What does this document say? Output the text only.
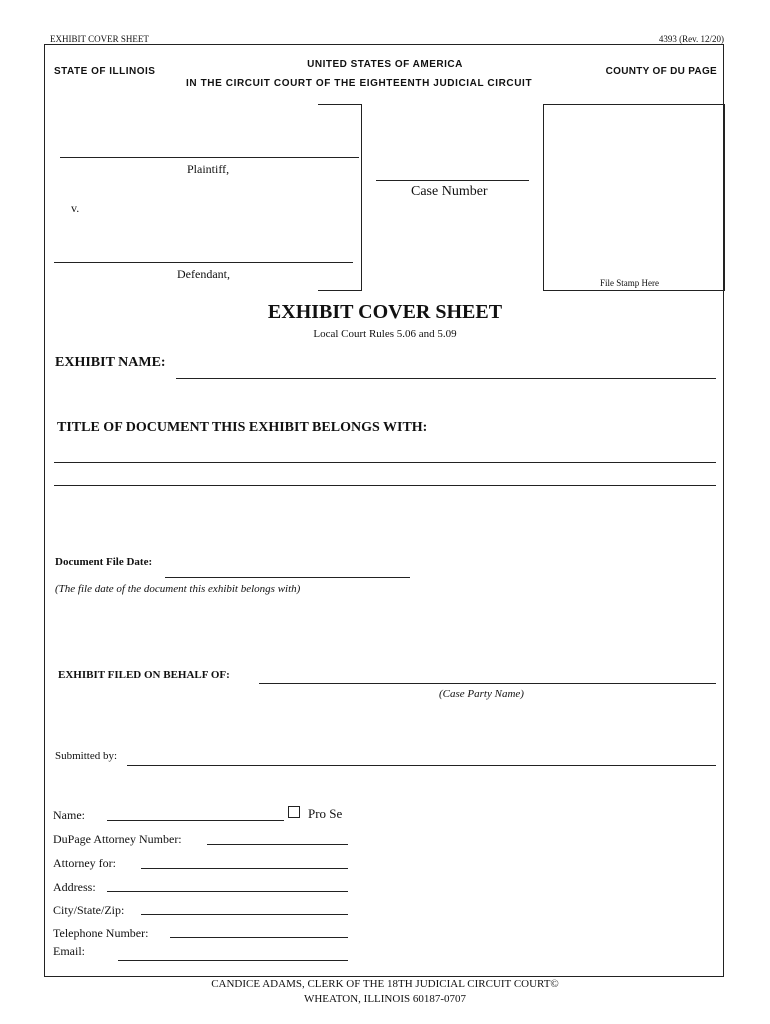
EXHIBIT COVER SHEET	4393 (Rev. 12/20)
STATE OF ILLINOIS
UNITED STATES OF AMERICA
IN THE CIRCUIT COURT OF THE EIGHTEENTH JUDICIAL CIRCUIT
COUNTY OF DU PAGE
Plaintiff,
v.
Defendant,
Case Number
File Stamp Here
EXHIBIT COVER SHEET
Local Court Rules 5.06 and 5.09
EXHIBIT NAME:
TITLE OF DOCUMENT THIS EXHIBIT BELONGS WITH:
Document File Date:
(The file date of the document this exhibit belongs with)
EXHIBIT FILED ON BEHALF OF:
(Case Party Name)
Submitted by:
Name:	Pro Se
DuPage Attorney Number:
Attorney for:
Address:
City/State/Zip:
Telephone Number:
Email:
CANDICE ADAMS, CLERK OF THE 18TH JUDICIAL CIRCUIT COURT©
WHEATON, ILLINOIS 60187-0707
